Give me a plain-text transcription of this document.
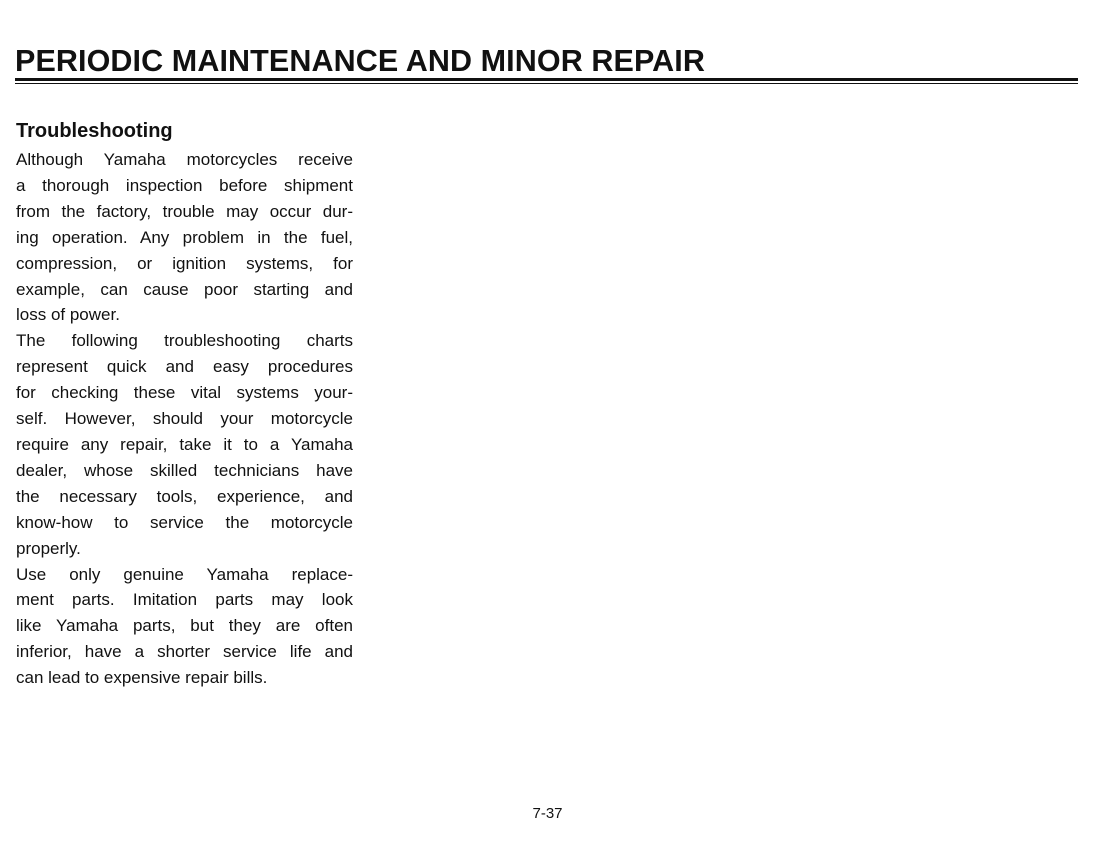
PERIODIC MAINTENANCE AND MINOR REPAIR
Troubleshooting

Although Yamaha motorcycles receive
a thorough inspection before shipment
from the factory, trouble may occur dur-
ing operation. Any problem in the fuel,
compression, or ignition systems, for
example, can cause poor starting and
loss of power.

The following troubleshooting charts
represent quick and easy procedures
for checking these vital systems your-
self. However, should your motorcycle
require any repair, take it to a Yamaha
dealer, whose skilled technicians have
the necessary tools, experience, and
know-how to service the motorcycle
properly.

Use only genuine Yamaha replace-
ment parts. Imitation parts may look
like Yamaha parts, but they are often
inferior, have a shorter service life and
can lead to expensive repair bills.

7-37
